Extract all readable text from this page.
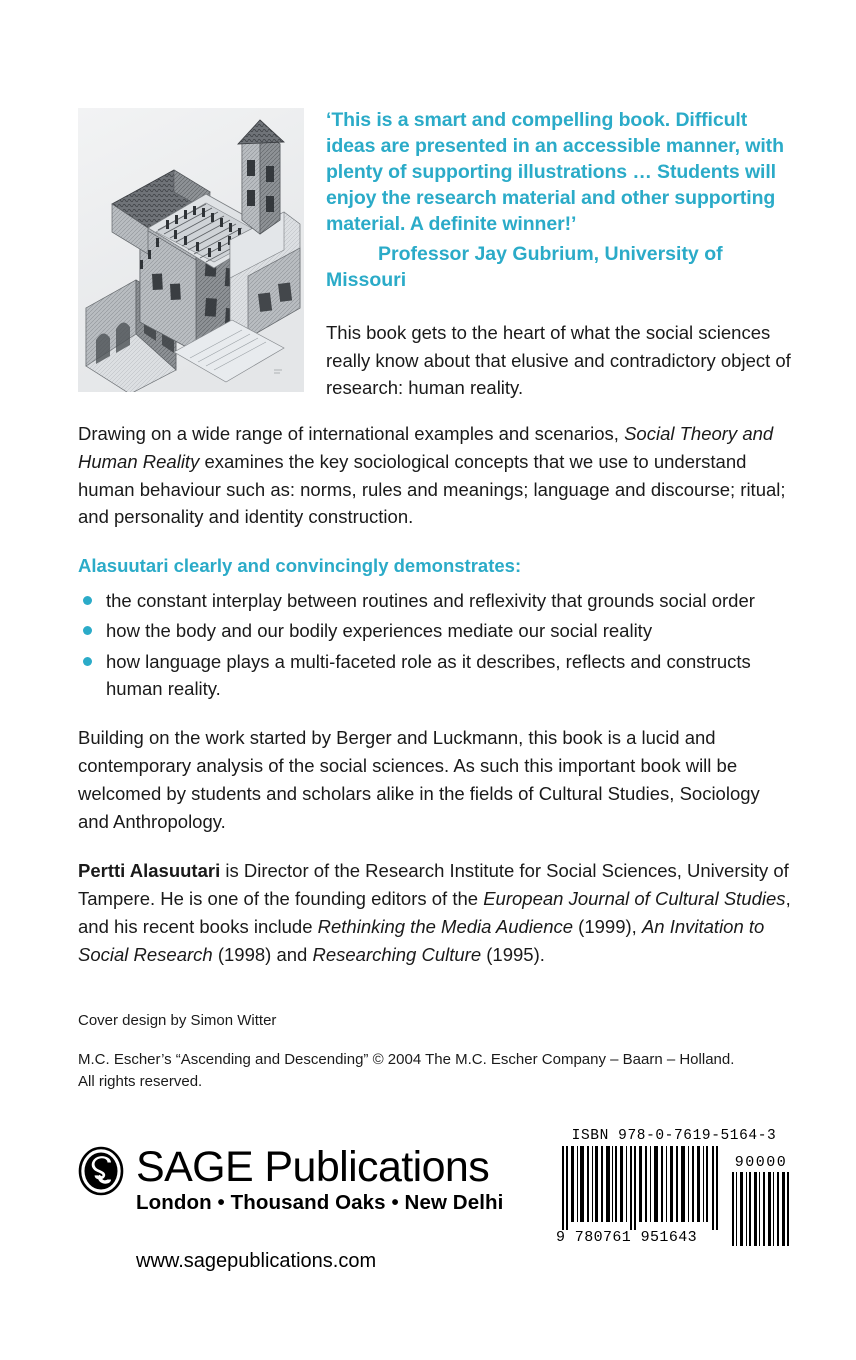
‘This is a smart and compelling book. Difficult ideas are presented in an accessible manner, with plenty of supporting illustrations … Students will enjoy the research material and other supporting material. A definite winner!’

Professor Jay Gubrium, University of Missouri

This book gets to the heart of what the social sciences really know about that elusive and contradictory object of research: human reality.

Drawing on a wide range of international examples and scenarios, Social Theory and Human Reality examines the key sociological concepts that we use to understand human behaviour such as: norms, rules and meanings; language and discourse; ritual; and personality and identity construction.

Alasuutari clearly and convincingly demonstrates:

the constant interplay between routines and reflexivity that grounds social order
how the body and our bodily experiences mediate our social reality
how language plays a multi-faceted role as it describes, reflects and constructs human reality.

Building on the work started by Berger and Luckmann, this book is a lucid and contemporary analysis of the social sciences. As such this important book will be welcomed by students and scholars alike in the fields of Cultural Studies, Sociology and Anthropology.

Pertti Alasuutari is Director of the Research Institute for Social Sciences, University of Tampere. He is one of the founding editors of the European Journal of Cultural Studies, and his recent books include Rethinking the Media Audience (1999), An Invitation to Social Research (1998) and Researching Culture (1995).

Cover design by Simon Witter

M.C. Escher’s “Ascending and Descending” © 2004 The M.C. Escher Company – Baarn – Holland.

All rights reserved.

SAGE Publications
London • Thousand Oaks • New Delhi
www.sagepublications.com
ISBN 978-0-7619-5164-3
9 780761 951643
90000
